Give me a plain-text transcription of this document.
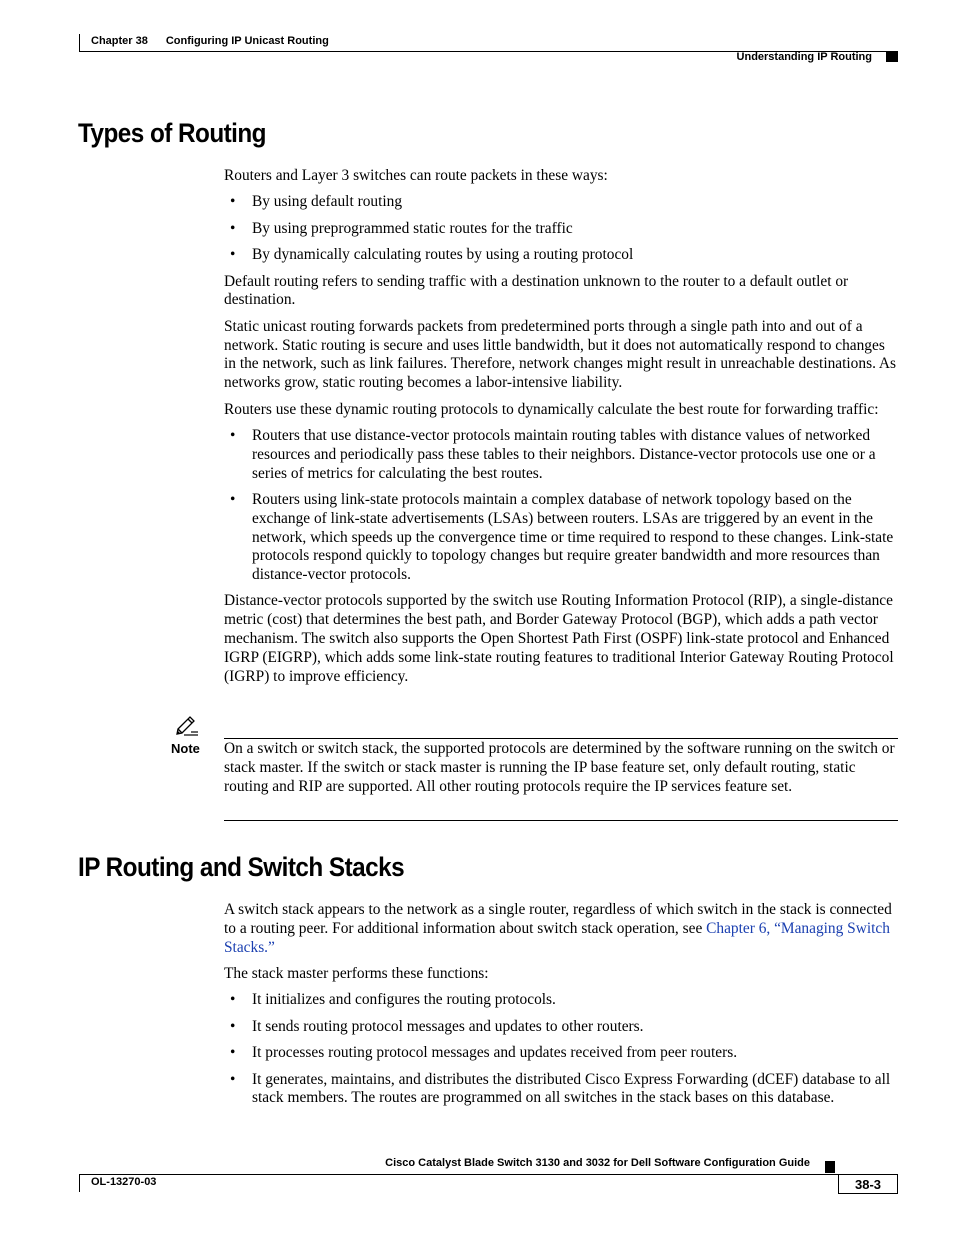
Chapter 38 Configuring IP Unicast Routing
Understanding IP Routing
Types of Routing

Routers and Layer 3 switches can route packets in these ways:

• By using default routing
• By using preprogrammed static routes for the traffic
• By dynamically calculating routes by using a routing protocol

Default routing refers to sending traffic with a destination unknown to the router to a default outlet or destination.

Static unicast routing forwards packets from predetermined ports through a single path into and out of a network. Static routing is secure and uses little bandwidth, but it does not automatically respond to changes in the network, such as link failures. Therefore, network changes might result in unreachable destinations. As networks grow, static routing becomes a labor-intensive liability.

Routers use these dynamic routing protocols to dynamically calculate the best route for forwarding traffic:

• Routers that use distance-vector protocols maintain routing tables with distance values of networked resources and periodically pass these tables to their neighbors. Distance-vector protocols use one or a series of metrics for calculating the best routes.
• Routers using link-state protocols maintain a complex database of network topology based on the exchange of link-state advertisements (LSAs) between routers. LSAs are triggered by an event in the network, which speeds up the convergence time or time required to respond to these changes. Link-state protocols respond quickly to topology changes but require greater bandwidth and more resources than distance-vector protocols.

Distance-vector protocols supported by the switch use Routing Information Protocol (RIP), a single-distance metric (cost) that determines the best path, and Border Gateway Protocol (BGP), which adds a path vector mechanism. The switch also supports the Open Shortest Path First (OSPF) link-state protocol and Enhanced IGRP (EIGRP), which adds some link-state routing features to traditional Interior Gateway Routing Protocol (IGRP) to improve efficiency.

Note On a switch or switch stack, the supported protocols are determined by the software running on the switch or stack master. If the switch or stack master is running the IP base feature set, only default routing, static routing and RIP are supported. All other routing protocols require the IP services feature set.
IP Routing and Switch Stacks

A switch stack appears to the network as a single router, regardless of which switch in the stack is connected to a routing peer. For additional information about switch stack operation, see Chapter 6, “Managing Switch Stacks.”

The stack master performs these functions:

• It initializes and configures the routing protocols.
• It sends routing protocol messages and updates to other routers.
• It processes routing protocol messages and updates received from peer routers.
• It generates, maintains, and distributes the distributed Cisco Express Forwarding (dCEF) database to all stack members. The routes are programmed on all switches in the stack bases on this database.
Cisco Catalyst Blade Switch 3130 and 3032 for Dell Software Configuration Guide
OL-13270-03	38-3
